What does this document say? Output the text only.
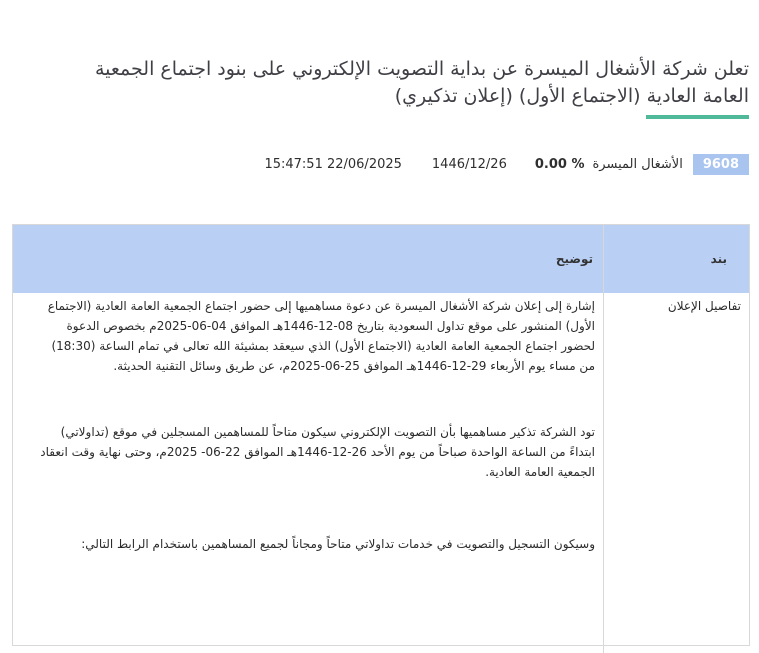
تعلن شركة الأشغال الميسرة عن بداية التصويت الإلكتروني على بنود اجتماع الجمعية العامة العادية (الاجتماع الأول) (إعلان تذكيري)
9608
الأشغال الميسرة
0.00 %
1446/12/26
15:47:51 22/06/2025
بند
توضيح
تفاصيل الإعلان

إشارة إلى إعلان شركة الأشغال الميسرة عن دعوة مساهميها إلى حضور اجتماع الجمعية العامة العادية (الاجتماع الأول) المنشور على موقع تداول السعودية بتاريخ 08-12-1446هـ الموافق 04-06-2025م بخصوص الدعوة لحضور اجتماع الجمعية العامة العادية (الاجتماع الأول) الذي سيعقد بمشيئة الله تعالى في تمام الساعة (18:30) من مساء يوم الأربعاء 29-12-1446هـ الموافق 25-06-2025م، عن طريق وسائل التقنية الحديثة.

تود الشركة تذكير مساهميها بأن التصويت الإلكتروني سيكون متاحاً للمساهمين المسجلين في موقع (تداولاتي) ابتداءً من الساعة الواحدة صباحاً من يوم الأحد 26-12-1446هـ الموافق 22-06- 2025م، وحتى نهاية وقت انعقاد الجمعية العامة العادية.

وسيكون التسجيل والتصويت في خدمات تداولاتي متاحاً ومجاناً لجميع المساهمين باستخدام الرابط التالي:
